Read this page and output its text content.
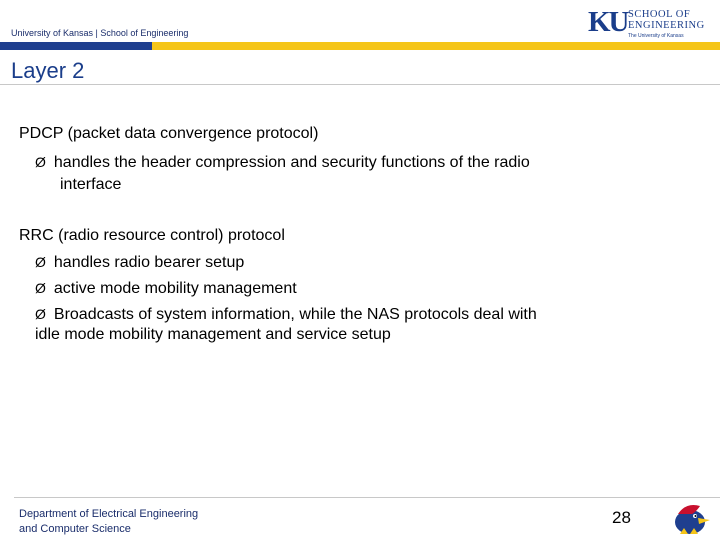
University of Kansas | School of Engineering	KU SCHOOL OF
ENGINEERING
The University of Kansas
Layer 2
PDCP (packet data convergence protocol)
Ø handles the header compression and security functions of the radio
interface
RRC (radio resource control) protocol
Ø handles radio bearer setup
Ø active mode mobility management
Ø Broadcasts of system information, while the NAS protocols deal with
idle mode mobility management and service setup
Department of Electrical Engineering
and Computer Science
28
